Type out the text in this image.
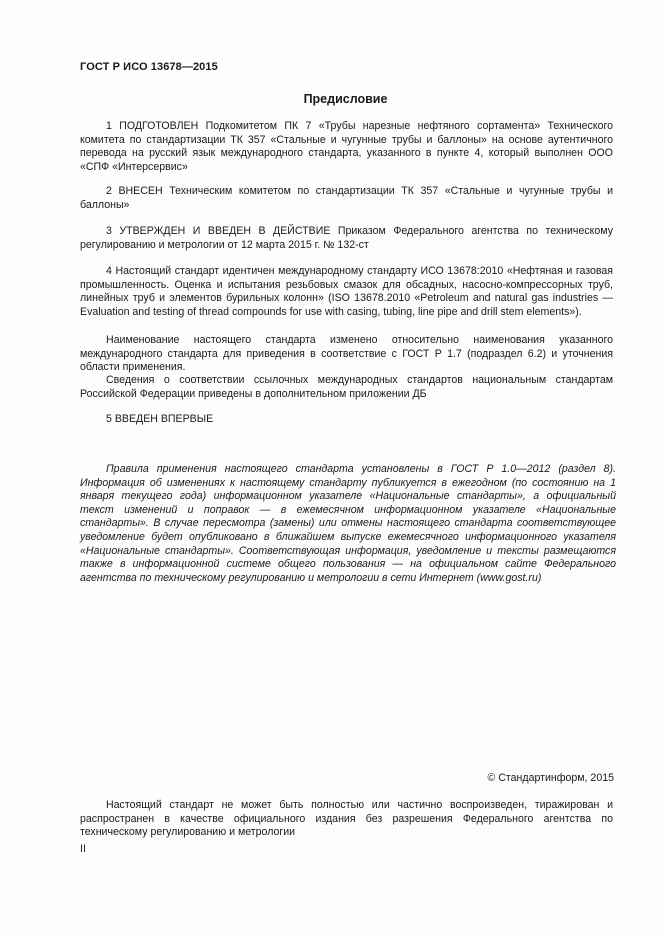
ГОСТ Р ИСО 13678—2015
Предисловие

1 ПОДГОТОВЛЕН Подкомитетом ПК 7 «Трубы нарезные нефтяного сортамента» Технического комитета по стандартизации ТК 357 «Стальные и чугунные трубы и баллоны» на основе аутентичного перевода на русский язык международного стандарта, указанного в пункте 4, который выполнен ООО «СПФ «Интерсервис»

2 ВНЕСЕН Техническим комитетом по стандартизации ТК 357 «Стальные и чугунные трубы и баллоны»

3 УТВЕРЖДЕН И ВВЕДЕН В ДЕЙСТВИЕ Приказом Федерального агентства по техническому регулированию и метрологии от 12 марта 2015 г. № 132-ст

4 Настоящий стандарт идентичен международному стандарту ИСО 13678:2010 «Нефтяная и газовая промышленность. Оценка и испытания резьбовых смазок для обсадных, насосно-компрессорных труб, линейных труб и элементов бурильных колонн» (ISO 13678.2010 «Petroleum and natural gas industries — Evaluation and testing of thread compounds for use with casing, tubing, line pipe and drill stem elements»).

Наименование настоящего стандарта изменено относительно наименования указанного международного стандарта для приведения в соответствие с ГОСТ Р 1.7 (подраздел 6.2) и уточнения области применения.

Сведения о соответствии ссылочных международных стандартов национальным стандартам Российской Федерации приведены в дополнительном приложении ДБ

5 ВВЕДЕН ВПЕРВЫЕ

Правила применения настоящего стандарта установлены в ГОСТ Р 1.0—2012 (раздел 8). Информация об изменениях к настоящему стандарту публикуется в ежегодном (по состоянию на 1 января текущего года) информационном указателе «Национальные стандарты», а официальный текст изменений и поправок — в ежемесячном информационном указателе «Национальные стандарты». В случае пересмотра (замены) или отмены настоящего стандарта соответствующее уведомление будет опубликовано в ближайшем выпуске ежемесячного информационного указателя «Национальные стандарты». Соответствующая информация, уведомление и тексты размещаются также в информационной системе общего пользования — на официальном сайте Федерального агентства по техническому регулированию и метрологии в сети Интернет (www.gost.ru)

© Стандартинформ, 2015

Настоящий стандарт не может быть полностью или частично воспроизведен, тиражирован и распространен в качестве официального издания без разрешения Федерального агентства по техническому регулированию и метрологии

II
